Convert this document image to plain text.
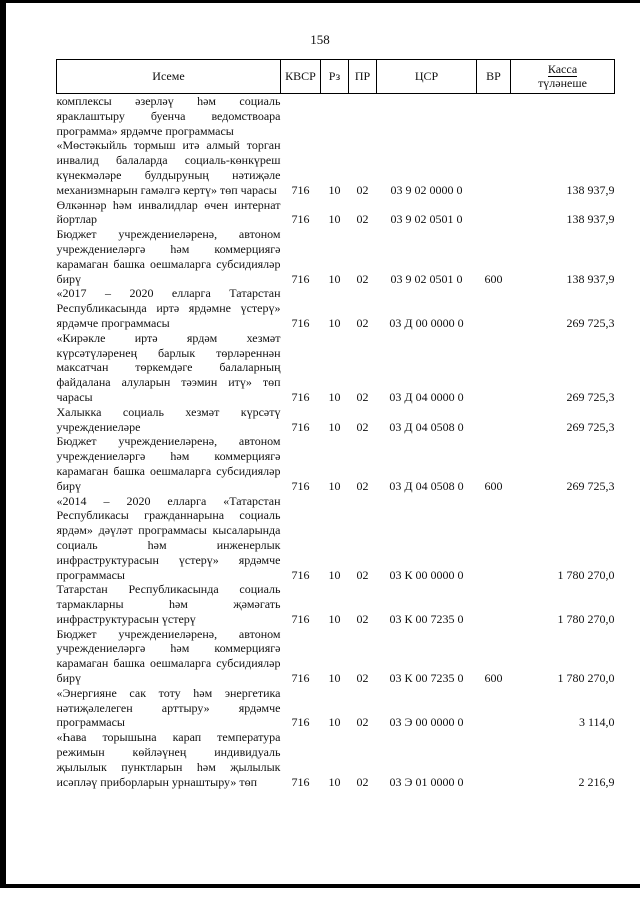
158
Исеме	КВСР	Рз	ПР	ЦСР	ВР	Касса
түләнеше
комплексы әзерләү һәм социаль яраклаштыру буенча ведомствоара программа» ярдәмче программасы						
«Мөстәкыйль тормыш итә алмый торган инвалид балаларда социаль-көнкүреш күнекмәләре булдыруның нәтиҗәле механизмнарын гамәлгә кертү» төп чарасы	716	10	02	03 9 02 0000 0		138 937,9
Өлкәннәр һәм инвалидлар өчен интернат йортлар	716	10	02	03 9 02 0501 0		138 937,9
Бюджет учреждениеләренә, автоном учреждениеләргә һәм коммерциягә карамаган башка оешмаларга субсидияләр бирү	716	10	02	03 9 02 0501 0	600	138 937,9
«2017 – 2020 елларга Татарстан Республикасында иртә ярдәмне үстерү» ярдәмче программасы	716	10	02	03 Д 00 0000 0		269 725,3
«Кирәкле иртә ярдәм хезмәт күрсәтүләренең барлык төрләреннән максатчан төркемдәге балаларның файдалана алуларын тәэмин итү» төп чарасы	716	10	02	03 Д 04 0000 0		269 725,3
Халыкка социаль хезмәт күрсәтү учреждениеләре	716	10	02	03 Д 04 0508 0		269 725,3
Бюджет учреждениеләренә, автоном учреждениеләргә һәм коммерциягә карамаган башка оешмаларга субсидияләр бирү	716	10	02	03 Д 04 0508 0	600	269 725,3
«2014 – 2020 елларга «Татарстан Республикасы гражданнарына социаль ярдәм» дәүләт программасы кысаларында социаль һәм инженерлык инфраструктурасын үстерү» ярдәмче программасы	716	10	02	03 К 00 0000 0		1 780 270,0
Татарстан Республикасында социаль тармакларны һәм җәмәгать инфраструктурасын үстерү	716	10	02	03 К 00 7235 0		1 780 270,0
Бюджет учреждениеләренә, автоном учреждениеләргә һәм коммерциягә карамаган башка оешмаларга субсидияләр бирү	716	10	02	03 К 00 7235 0	600	1 780 270,0
«Энергияне сак тоту һәм энергетика нәтиҗәлелеген арттыру» ярдәмче программасы	716	10	02	03 Э 00 0000 0		3 114,0
«Һава торышына карап температура режимын көйләүнең индивидуаль җылылык пунктларын һәм җылылык исәпләү приборларын урнаштыру» төп	716	10	02	03 Э 01 0000 0		2 216,9
